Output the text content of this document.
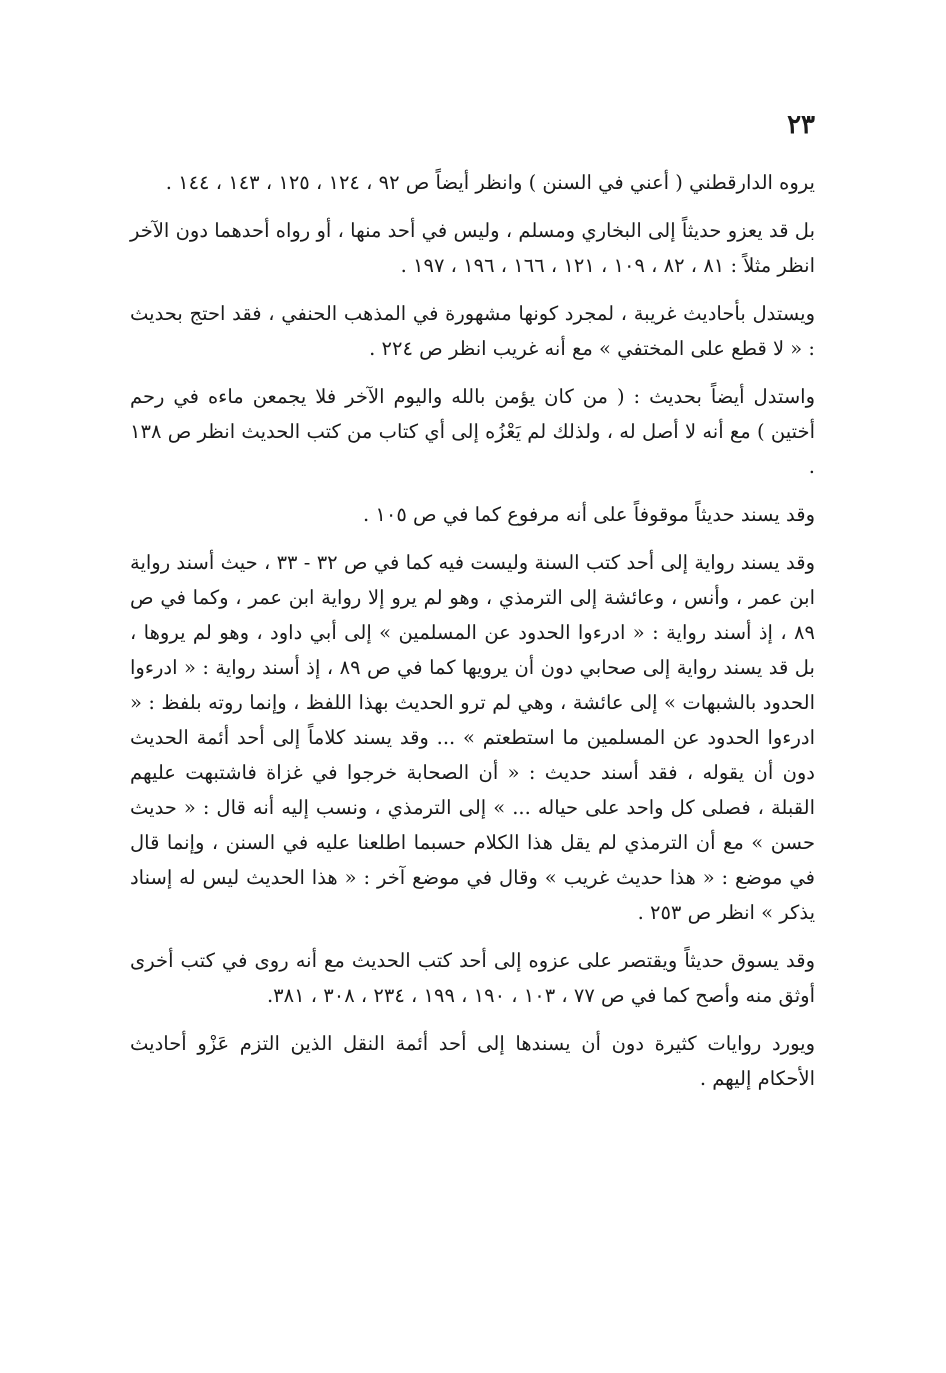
٢٣

يروه الدارقطني ( أعني في السنن ) وانظر أيضاً ص ٩٢ ، ١٢٤ ، ١٢٥ ، ١٤٣ ، ١٤٤ .

بل قد يعزو حديثاً إلى البخاري ومسلم ، وليس في أحد منها ، أو رواه أحدهما دون الآخر انظر مثلاً : ٨١ ، ٨٢ ، ١٠٩ ، ١٢١ ، ١٦٦ ، ١٩٦ ، ١٩٧ .

ويستدل بأحاديث غريبة ، لمجرد كونها مشهورة في المذهب الحنفي ، فقد احتج بحديث : « لا قطع على المختفي » مع أنه غريب انظر ص ٢٢٤ .

واستدل أيضاً بحديث : ( من كان يؤمن بالله واليوم الآخر فلا يجمعن ماءه في رحم أختين ) مع أنه لا أصل له ، ولذلك لم يَعْزُه إلى أي كتاب من كتب الحديث انظر ص ١٣٨ .

وقد يسند حديثاً موقوفاً على أنه مرفوع كما في ص ١٠٥ .

وقد يسند رواية إلى أحد كتب السنة وليست فيه كما في ص ٣٢ - ٣٣ ، حيث أسند رواية ابن عمر ، وأنس ، وعائشة إلى الترمذي ، وهو لم يرو إلا رواية ابن عمر ، وكما في ص ٨٩ ، إذ أسند رواية : « ادرءوا الحدود عن المسلمين » إلى أبي داود ، وهو لم يروها ، بل قد يسند رواية إلى صحابي دون أن يرويها كما في ص ٨٩ ، إذ أسند رواية : « ادرءوا الحدود بالشبهات » إلى عائشة ، وهي لم ترو الحديث بهذا اللفظ ، وإنما روته بلفظ : « ادرءوا الحدود عن المسلمين ما استطعتم » ... وقد يسند كلاماً إلى أحد أئمة الحديث دون أن يقوله ، فقد أسند حديث : « أن الصحابة خرجوا في غزاة فاشتبهت عليهم القبلة ، فصلى كل واحد على حياله ... » إلى الترمذي ، ونسب إليه أنه قال : « حديث حسن » مع أن الترمذي لم يقل هذا الكلام حسبما اطلعنا عليه في السنن ، وإنما قال في موضع : « هذا حديث غريب » وقال في موضع آخر : « هذا الحديث ليس له إسناد يذكر » انظر ص ٢٥٣ .

وقد يسوق حديثاً ويقتصر على عزوه إلى أحد كتب الحديث مع أنه روى في كتب أخرى أوثق منه وأصح كما في ص ٧٧ ، ١٠٣ ، ١٩٠ ، ١٩٩ ، ٢٣٤ ، ٣٠٨ ، ٣٨١.

ويورد روايات كثيرة دون أن يسندها إلى أحد أئمة النقل الذين التزم عَزْو أحاديث الأحكام إليهم .
